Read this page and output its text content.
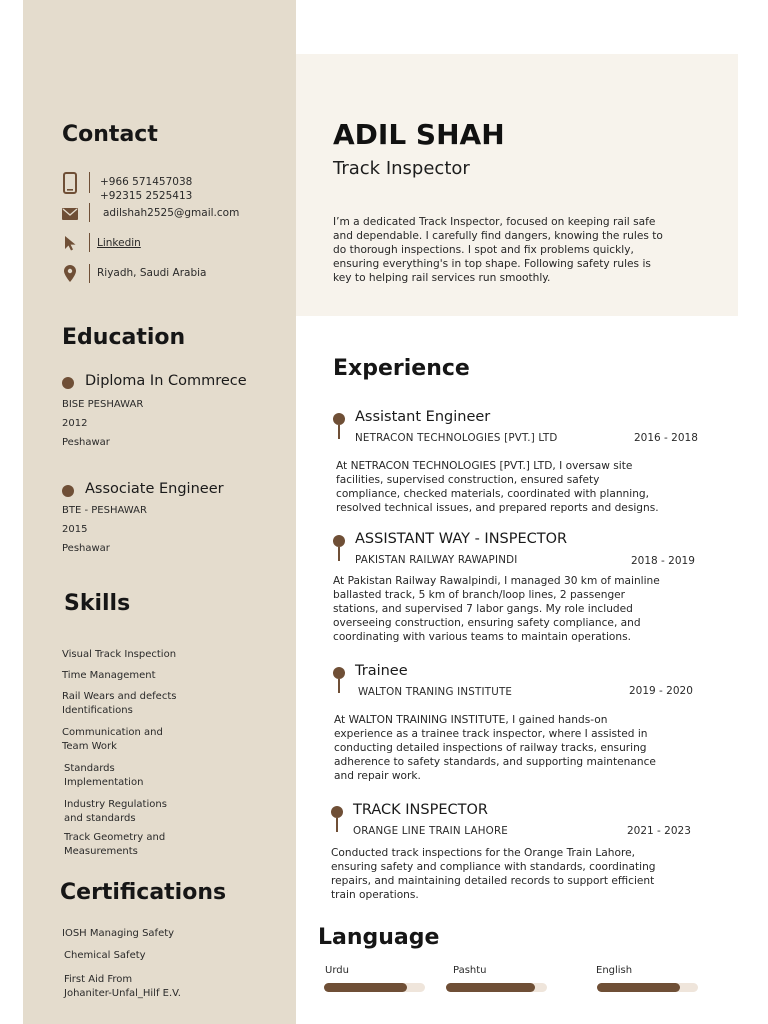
ADIL SHAH
Track Inspector
I’m a dedicated Track Inspector, focused on keeping rail safe
and dependable. I carefully find dangers, knowing the rules to
do thorough inspections. I spot and fix problems quickly,
ensuring everything's in top shape. Following safety rules is
key to helping rail services run smoothly.
Contact
+966 571457038
+92315 2525413
adilshah2525@gmail.com
Linkedin
Riyadh, Saudi Arabia
Education
Diploma In Commrece
BISE PESHAWAR
2012
Peshawar
Associate Engineer
BTE - PESHAWAR
2015
Peshawar
Skills
Visual Track Inspection
Time Management
Rail Wears and defects
Identifications
Communication and
Team Work
Standards
Implementation
Industry Regulations
and standards
Track Geometry and
Measurements
Certifications
IOSH Managing Safety
Chemical Safety
First Aid From
Johaniter-Unfal_Hilf E.V.
Experience
Assistant Engineer
NETRACON TECHNOLOGIES [PVT.] LTD	2016 - 2018
At NETRACON TECHNOLOGIES [PVT.] LTD, I oversaw site
facilities, supervised construction, ensured safety
compliance, checked materials, coordinated with planning,
resolved technical issues, and prepared reports and designs.
ASSISTANT WAY - INSPECTOR
PAKISTAN RAILWAY RAWAPINDI	2018 - 2019
At Pakistan Railway Rawalpindi, I managed 30 km of mainline
ballasted track, 5 km of branch/loop lines, 2 passenger
stations, and supervised 7 labor gangs. My role included
overseeing construction, ensuring safety compliance, and
coordinating with various teams to maintain operations.
Trainee
WALTON TRANING INSTITUTE	2019 - 2020
At WALTON TRAINING INSTITUTE, I gained hands-on
experience as a trainee track inspector, where I assisted in
conducting detailed inspections of railway tracks, ensuring
adherence to safety standards, and supporting maintenance
and repair work.
TRACK INSPECTOR
ORANGE LINE TRAIN LAHORE	2021 - 2023
Conducted track inspections for the Orange Train Lahore,
ensuring safety and compliance with standards, coordinating
repairs, and maintaining detailed records to support efficient
train operations.
Language
Urdu	Pashtu	English
